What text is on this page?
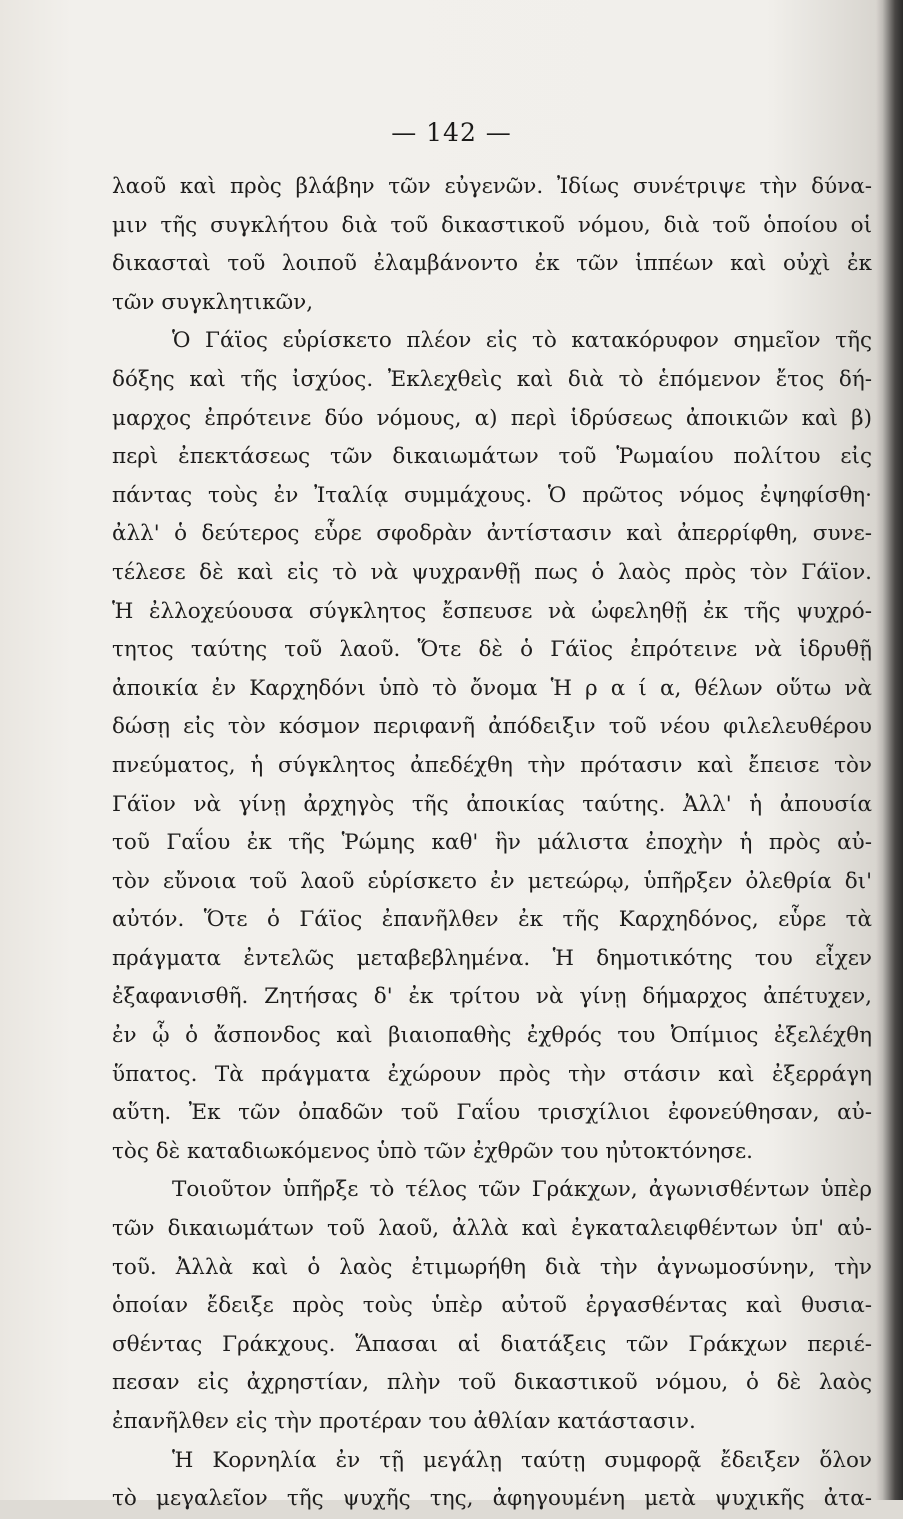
— 142 —
λαοῦ καὶ πρὸς βλάβην τῶν εὐγενῶν. Ἰδίως συνέτριψε τὴν δύνα-
μιν τῆς συγκλήτου διὰ τοῦ δικαστικοῦ νόμου, διὰ τοῦ ὁποίου οἱ
δικασταὶ τοῦ λοιποῦ ἐλαμβάνοντο ἐκ τῶν ἱππέων καὶ οὐχὶ ἐκ
τῶν συγκλητικῶν,
Ὁ Γάϊος εὑρίσκετο πλέον εἰς τὸ κατακόρυφον σημεῖον τῆς
δόξης καὶ τῆς ἰσχύος. Ἐκλεχθεὶς καὶ διὰ τὸ ἑπόμενον ἔτος δή-
μαρχος ἐπρότεινε δύο νόμους, α) περὶ ἱδρύσεως ἀποικιῶν καὶ β)
περὶ ἐπεκτάσεως τῶν δικαιωμάτων τοῦ Ῥωμαίου πολίτου εἰς
πάντας τοὺς ἐν Ἰταλίᾳ συμμάχους. Ὁ πρῶτος νόμος ἐψηφίσθη·
ἀλλ' ὁ δεύτερος εὗρε σφοδρὰν ἀντίστασιν καὶ ἀπερρίφθη, συνε-
τέλεσε δὲ καὶ εἰς τὸ νὰ ψυχρανθῇ πως ὁ λαὸς πρὸς τὸν Γάϊον.
Ἡ ἐλλοχεύουσα σύγκλητος ἔσπευσε νὰ ὠφεληθῇ ἐκ τῆς ψυχρό-
τητος ταύτης τοῦ λαοῦ. Ὅτε δὲ ὁ Γάϊος ἐπρότεινε νὰ ἱδρυθῇ
ἀποικία ἐν Καρχηδόνι ὑπὸ τὸ ὄνομα Ἡ ρ α ί α, θέλων οὕτω νὰ
δώσῃ εἰς τὸν κόσμον περιφανῆ ἀπόδειξιν τοῦ νέου φιλελευθέρου
πνεύματος, ἡ σύγκλητος ἀπεδέχθη τὴν πρότασιν καὶ ἔπεισε τὸν
Γάϊον νὰ γίνῃ ἀρχηγὸς τῆς ἀποικίας ταύτης. Ἀλλ' ἡ ἀπουσία
τοῦ Γαΐου ἐκ τῆς Ῥώμης καθ' ἣν μάλιστα ἐποχὴν ἡ πρὸς αὐ-
τὸν εὔνοια τοῦ λαοῦ εὑρίσκετο ἐν μετεώρῳ, ὑπῆρξεν ὀλεθρία δι'
αὐτόν. Ὅτε ὁ Γάϊος ἐπανῆλθεν ἐκ τῆς Καρχηδόνος, εὗρε τὰ
πράγματα ἐντελῶς μεταβεβλημένα. Ἡ δημοτικότης του εἶχεν
ἐξαφανισθῆ. Ζητήσας δ' ἐκ τρίτου νὰ γίνῃ δήμαρχος ἀπέτυχεν,
ἐν ᾧ ὁ ἄσπονδος καὶ βιαιοπαθὴς ἐχθρός του Ὀπίμιος ἐξελέχθη
ὕπατος. Τὰ πράγματα ἐχώρουν πρὸς τὴν στάσιν καὶ ἐξερράγη
αὕτη. Ἐκ τῶν ὀπαδῶν τοῦ Γαΐου τρισχίλιοι ἐφονεύθησαν, αὐ-
τὸς δὲ καταδιωκόμενος ὑπὸ τῶν ἐχθρῶν του ηὐτοκτόνησε.
Τοιοῦτον ὑπῆρξε τὸ τέλος τῶν Γράκχων, ἀγωνισθέντων ὑπὲρ
τῶν δικαιωμάτων τοῦ λαοῦ, ἀλλὰ καὶ ἐγκαταλειφθέντων ὑπ' αὐ-
τοῦ. Ἀλλὰ καὶ ὁ λαὸς ἐτιμωρήθη διὰ τὴν ἀγνωμοσύνην, τὴν
ὁποίαν ἔδειξε πρὸς τοὺς ὑπὲρ αὐτοῦ ἐργασθέντας καὶ θυσια-
σθέντας Γράκχους. Ἅπασαι αἱ διατάξεις τῶν Γράκχων περιέ-
πεσαν εἰς ἀχρηστίαν, πλὴν τοῦ δικαστικοῦ νόμου, ὁ δὲ λαὸς
ἐπανῆλθεν εἰς τὴν προτέραν του ἀθλίαν κατάστασιν.
Ἡ Κορνηλία ἐν τῇ μεγάλῃ ταύτῃ συμφορᾷ ἔδειξεν ὅλον
τὸ μεγαλεῖον τῆς ψυχῆς της, ἀφηγουμένη μετὰ ψυχικῆς ἀτα-
